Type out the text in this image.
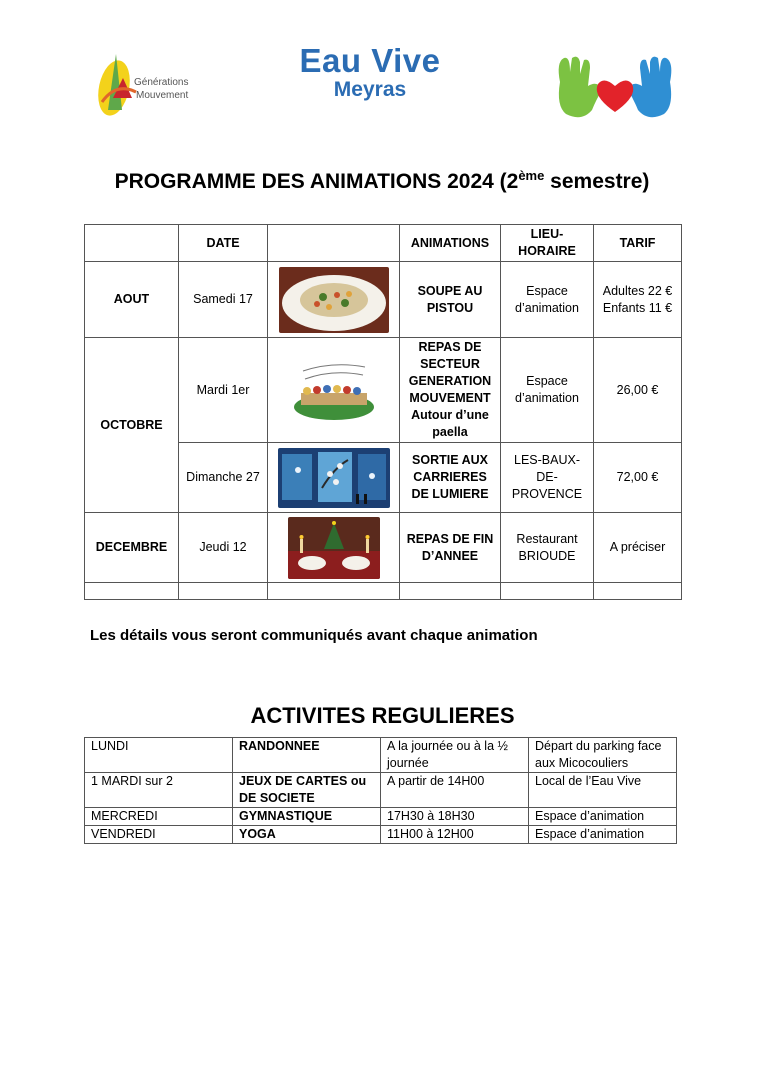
Générations
Mouvement
Eau Vive
Meyras
PROGRAMME DES ANIMATIONS 2024 (2ème semestre)
	DATE		ANIMATIONS	LIEU-HORAIRE	TARIF
AOUT	Samedi 17		SOUPE AU PISTOU	Espace d’animation	Adultes 22 € Enfants 11 €
OCTOBRE	Mardi 1er		REPAS DE SECTEUR GENERATION MOUVEMENT Autour d’une paella	Espace d’animation	26,00 €
	Dimanche 27		SORTIE AUX CARRIERES DE LUMIERE	LES-BAUX-DE-PROVENCE	72,00 €
DECEMBRE	Jeudi 12		REPAS DE FIN D’ANNEE	Restaurant BRIOUDE	A préciser

Les détails vous seront communiqués avant chaque animation
ACTIVITES REGULIERES
LUNDI	RANDONNEE	A la journée ou à la ½ journée	Départ du parking face aux Micocouliers
1 MARDI sur 2	JEUX DE CARTES ou DE SOCIETE	A partir de 14H00	Local de l’Eau Vive
MERCREDI	GYMNASTIQUE	17H30 à 18H30	Espace d’animation
VENDREDI	YOGA	11H00 à 12H00	Espace d’animation
